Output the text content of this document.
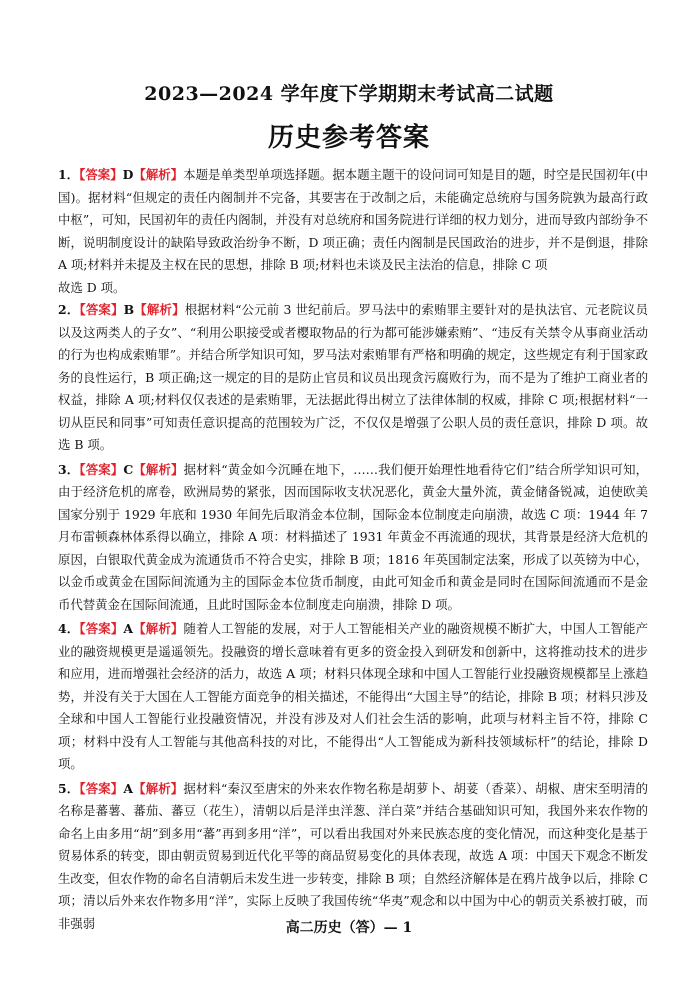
2023—2024 学年度下学期期末考试高二试题
历史参考答案

1．【答案】D【解析】本题是单类型单项选择题。据本题主题干的设问词可知是目的题，时空是民国初年(中国)。据材料“但规定的责任内阁制并不完备，其要害在于改制之后，未能确定总统府与国务院孰为最高行政中枢”，可知，民国初年的责任内阁制，并没有对总统府和国务院进行详细的权力划分，进而导致内部纷争不断，说明制度设计的缺陷导致政治纷争不断，D 项正确；责任内阁制是民国政治的进步，并不是倒退，排除 A 项;材料并未提及主权在民的思想，排除 B 项;材料也未谈及民主法治的信息，排除 C 项

故选 D 项。

2．【答案】B【解析】根据材料“公元前 3 世纪前后。罗马法中的索贿罪主要针对的是执法官、元老院议员以及这两类人的子女”、“利用公职接受或者樱取物品的行为都可能涉嫌索贿”、“违反有关禁令从事商业活动的行为也构成索贿罪”。并结合所学知识可知，罗马法对索贿罪有严格和明确的规定，这些规定有利于国家政务的良性运行，B 项正确;这一规定的目的是防止官员和议员出现贪污腐败行为，而不是为了维护工商业者的权益，排除 A 项;材料仅仅表述的是索贿罪，无法据此得出树立了法律体制的权威，排除 C 项;根据材料“一切从臣民和同事”可知责任意识提高的范围较为广泛，不仅仅是增强了公职人员的责任意识，排除 D 项。故选 B 项。

3．【答案】C【解析】据材料“黄金如今沉睡在地下，……我们便开始理性地看待它们”结合所学知识可知，由于经济危机的席卷，欧洲局势的紧张，因而国际收支状况恶化，黄金大量外流，黄金储备锐减，迫使欧美国家分别于 1929 年底和 1930 年间先后取消金本位制，国际金本位制度走向崩溃，故选 C 项：1944 年 7 月布雷顿森林体系得以确立，排除 A 项：材料描述了 1931 年黄金不再流通的现状，其背景是经济大危机的原因，白银取代黄金成为流通货币不符合史实，排除 B 项；1816 年英国制定法案，形成了以英镑为中心，以金币或黄金在国际间流通为主的国际金本位货币制度，由此可知金币和黄金是同时在国际间流通而不是金币代替黄金在国际间流通，且此时国际金本位制度走向崩溃，排除 D 项。

4．【答案】A【解析】随着人工智能的发展，对于人工智能相关产业的融资规模不断扩大，中国人工智能产业的融资规模更是遥遥领先。投融资的增长意味着有更多的资金投入到研发和创新中，这将推动技术的进步和应用，进而增强社会经济的活力，故选 A 项；材料只体现全球和中国人工智能行业投融资规模都呈上涨趋势，并没有关于大国在人工智能方面竞争的相关描述，不能得出“大国主导”的结论，排除 B 项；材料只涉及全球和中国人工智能行业投融资情况，并没有涉及对人们社会生活的影响，此项与材料主旨不符，排除 C 项；材料中没有人工智能与其他高科技的对比，不能得出“人工智能成为新科技领域标杆”的结论，排除 D 项。

5．【答案】A【解析】据材料“秦汉至唐宋的外来农作物名称是胡萝卜、胡荽（香菜）、胡椒、唐宋至明清的名称是蕃薯、蕃茄、蕃豆（花生），清朝以后是洋虫洋葱、洋白菜”并结合基础知识可知，我国外来农作物的命名上由多用“胡”到多用“蕃”再到多用“洋”，可以看出我国对外来民族态度的变化情况，而这种变化是基于贸易体系的转变，即由朝贡贸易到近代化平等的商品贸易变化的具体表现，故选 A 项：中国天下观念不断发生改变，但农作物的命名自清朝后未发生进一步转变，排除 B 项；自然经济解体是在鸦片战争以后，排除 C 项；清以后外来农作物多用“洋”，实际上反映了我国传统“华夷”观念和以中国为中心的朝贡关系被打破，而非强弱	高二历史（答）— 1
